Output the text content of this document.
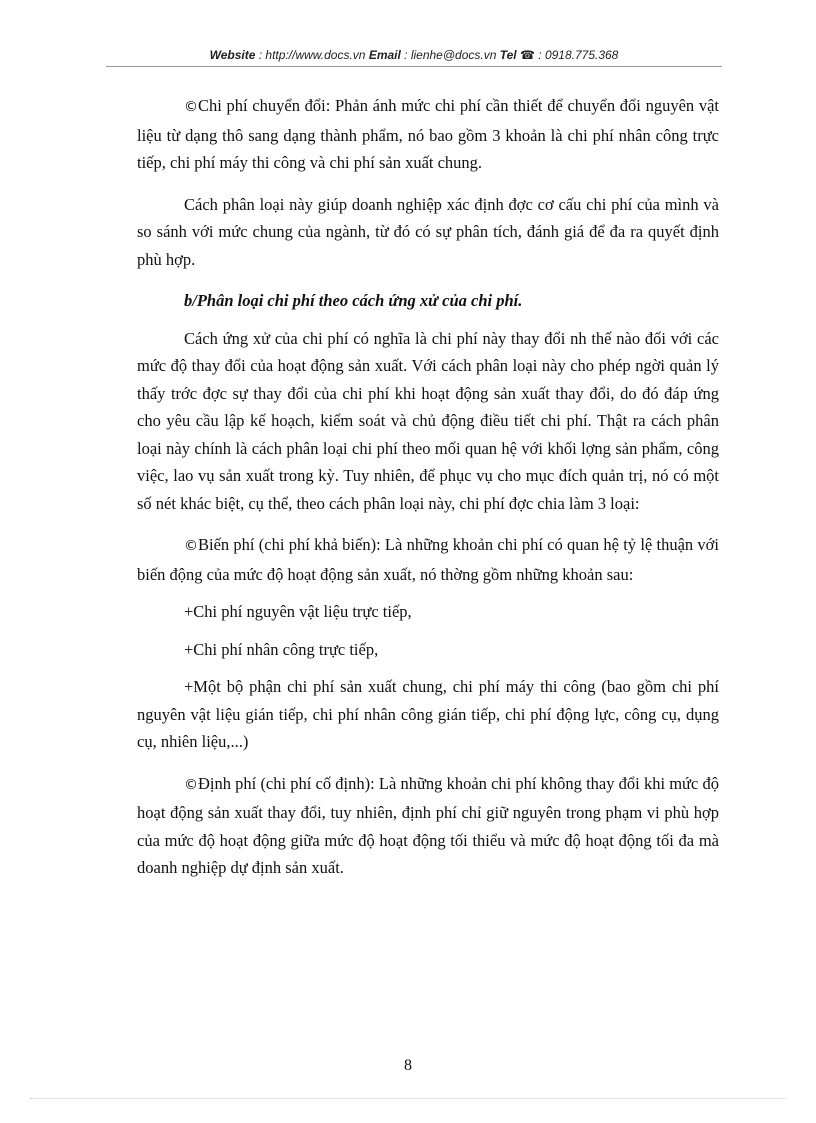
Website : http://www.docs.vn Email : lienhe@docs.vn Tel ☎ : 0918.775.368

©Chi phí chuyển đổi: Phản ánh mức chi phí cần thiết để chuyển đổi nguyên vật liệu từ dạng thô sang dạng thành phẩm, nó bao gồm 3 khoản là chi phí nhân công trực tiếp, chi phí máy thi công và chi phí sản xuất chung.

Cách phân loại này giúp doanh nghiệp xác định đợc cơ cấu chi phí của mình và so sánh với mức chung của ngành, từ đó có sự phân tích, đánh giá để đa ra quyết định phù hợp.

b/Phân loại chi phí theo cách ứng xử của chi phí.

Cách ứng xử của chi phí có nghĩa là chi phí này thay đổi nh thế nào đối với các mức độ thay đổi của hoạt động sản xuất. Với cách phân loại này cho phép ngời quản lý thấy trớc đợc sự thay đổi của chi phí khi hoạt động sản xuất thay đổi, do đó đáp ứng cho yêu cầu lập kế hoạch, kiểm soát và chủ động điều tiết chi phí. Thật ra cách phân loại này chính là cách phân loại chi phí theo mối quan hệ với khối lợng sản phẩm, công việc, lao vụ sản xuất trong kỳ. Tuy nhiên, để phục vụ cho mục đích quản trị, nó có một số nét khác biệt, cụ thể, theo cách phân loại này, chi phí đợc chia làm 3 loại:

©Biến phí (chi phí khả biến): Là những khoản chi phí có quan hệ tỷ lệ thuận với biến động của mức độ hoạt động sản xuất, nó thờng gồm những khoản sau:

+Chi phí nguyên vật liệu trực tiếp,

+Chi phí nhân công trực tiếp,

+Một bộ phận chi phí sản xuất chung, chi phí máy thi công (bao gồm chi phí nguyên vật liệu gián tiếp, chi phí nhân công gián tiếp, chi phí động lực, công cụ, dụng cụ, nhiên liệu,...)

©Định phí (chi phí cố định): Là những khoản chi phí không thay đổi khi mức độ hoạt động sản xuất thay đổi, tuy nhiên, định phí chỉ giữ nguyên trong phạm vi phù hợp của mức độ hoạt động giữa mức độ hoạt động tối thiểu và mức độ hoạt động tối đa mà doanh nghiệp dự định sản xuất.

8
